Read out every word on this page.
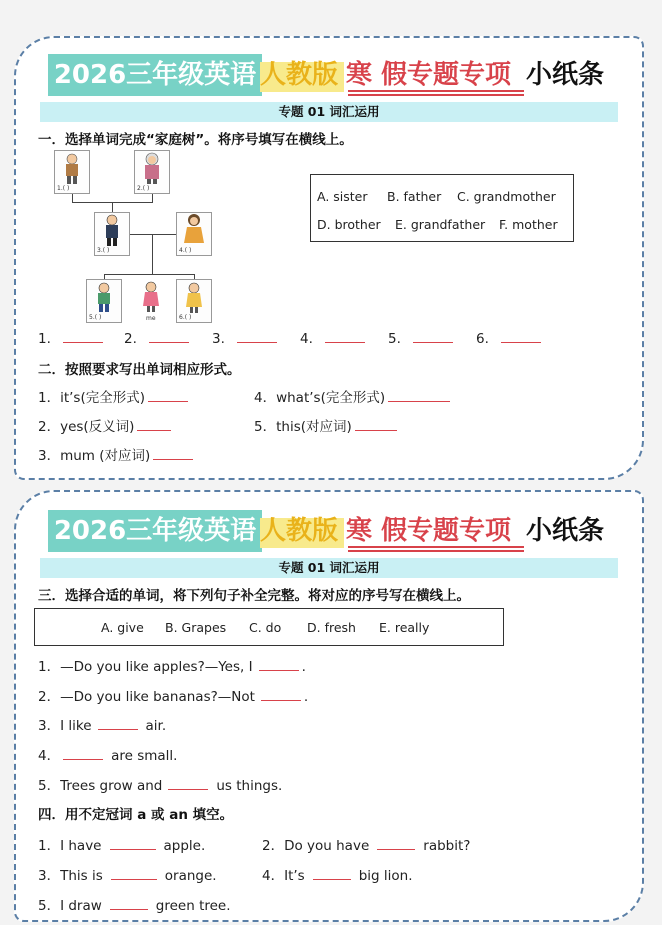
2026三年级英语 人教版 寒 假专题专项 小纸条
专题 01 词汇运用
一．选择单词完成“家庭树”。将序号填写在横线上。
1.( )	2.( )
3.( )	4.( )
5.( )	me	6.( )
A. sister B. father C. grandmother
D. brother E. grandfather F. mother
1.	2.	3.	4.	5.	6.
二．按照要求写出单词相应形式。
1．it’s(完全形式)	4．what’s(完全形式)
2．yes(反义词)	5．this(对应词)
3．mum (对应词)
2026三年级英语 人教版 寒 假专题专项 小纸条
专题 01 词汇运用
三．选择合适的单词，将下列句子补全完整。将对应的序号写在横线上。
A. give B. Grapes C. do D. fresh E. really
1．—Do you like apples?—Yes, I	.
2．—Do you like bananas?—Not	.
3．I like	air.
4．	are small.
5．Trees grow and	us things.
四．用不定冠词 a 或 an 填空。
1．I have	apple.	2．Do you have	rabbit?
3．This is	orange.	4．It’s	big lion.
5．I draw	green tree.
